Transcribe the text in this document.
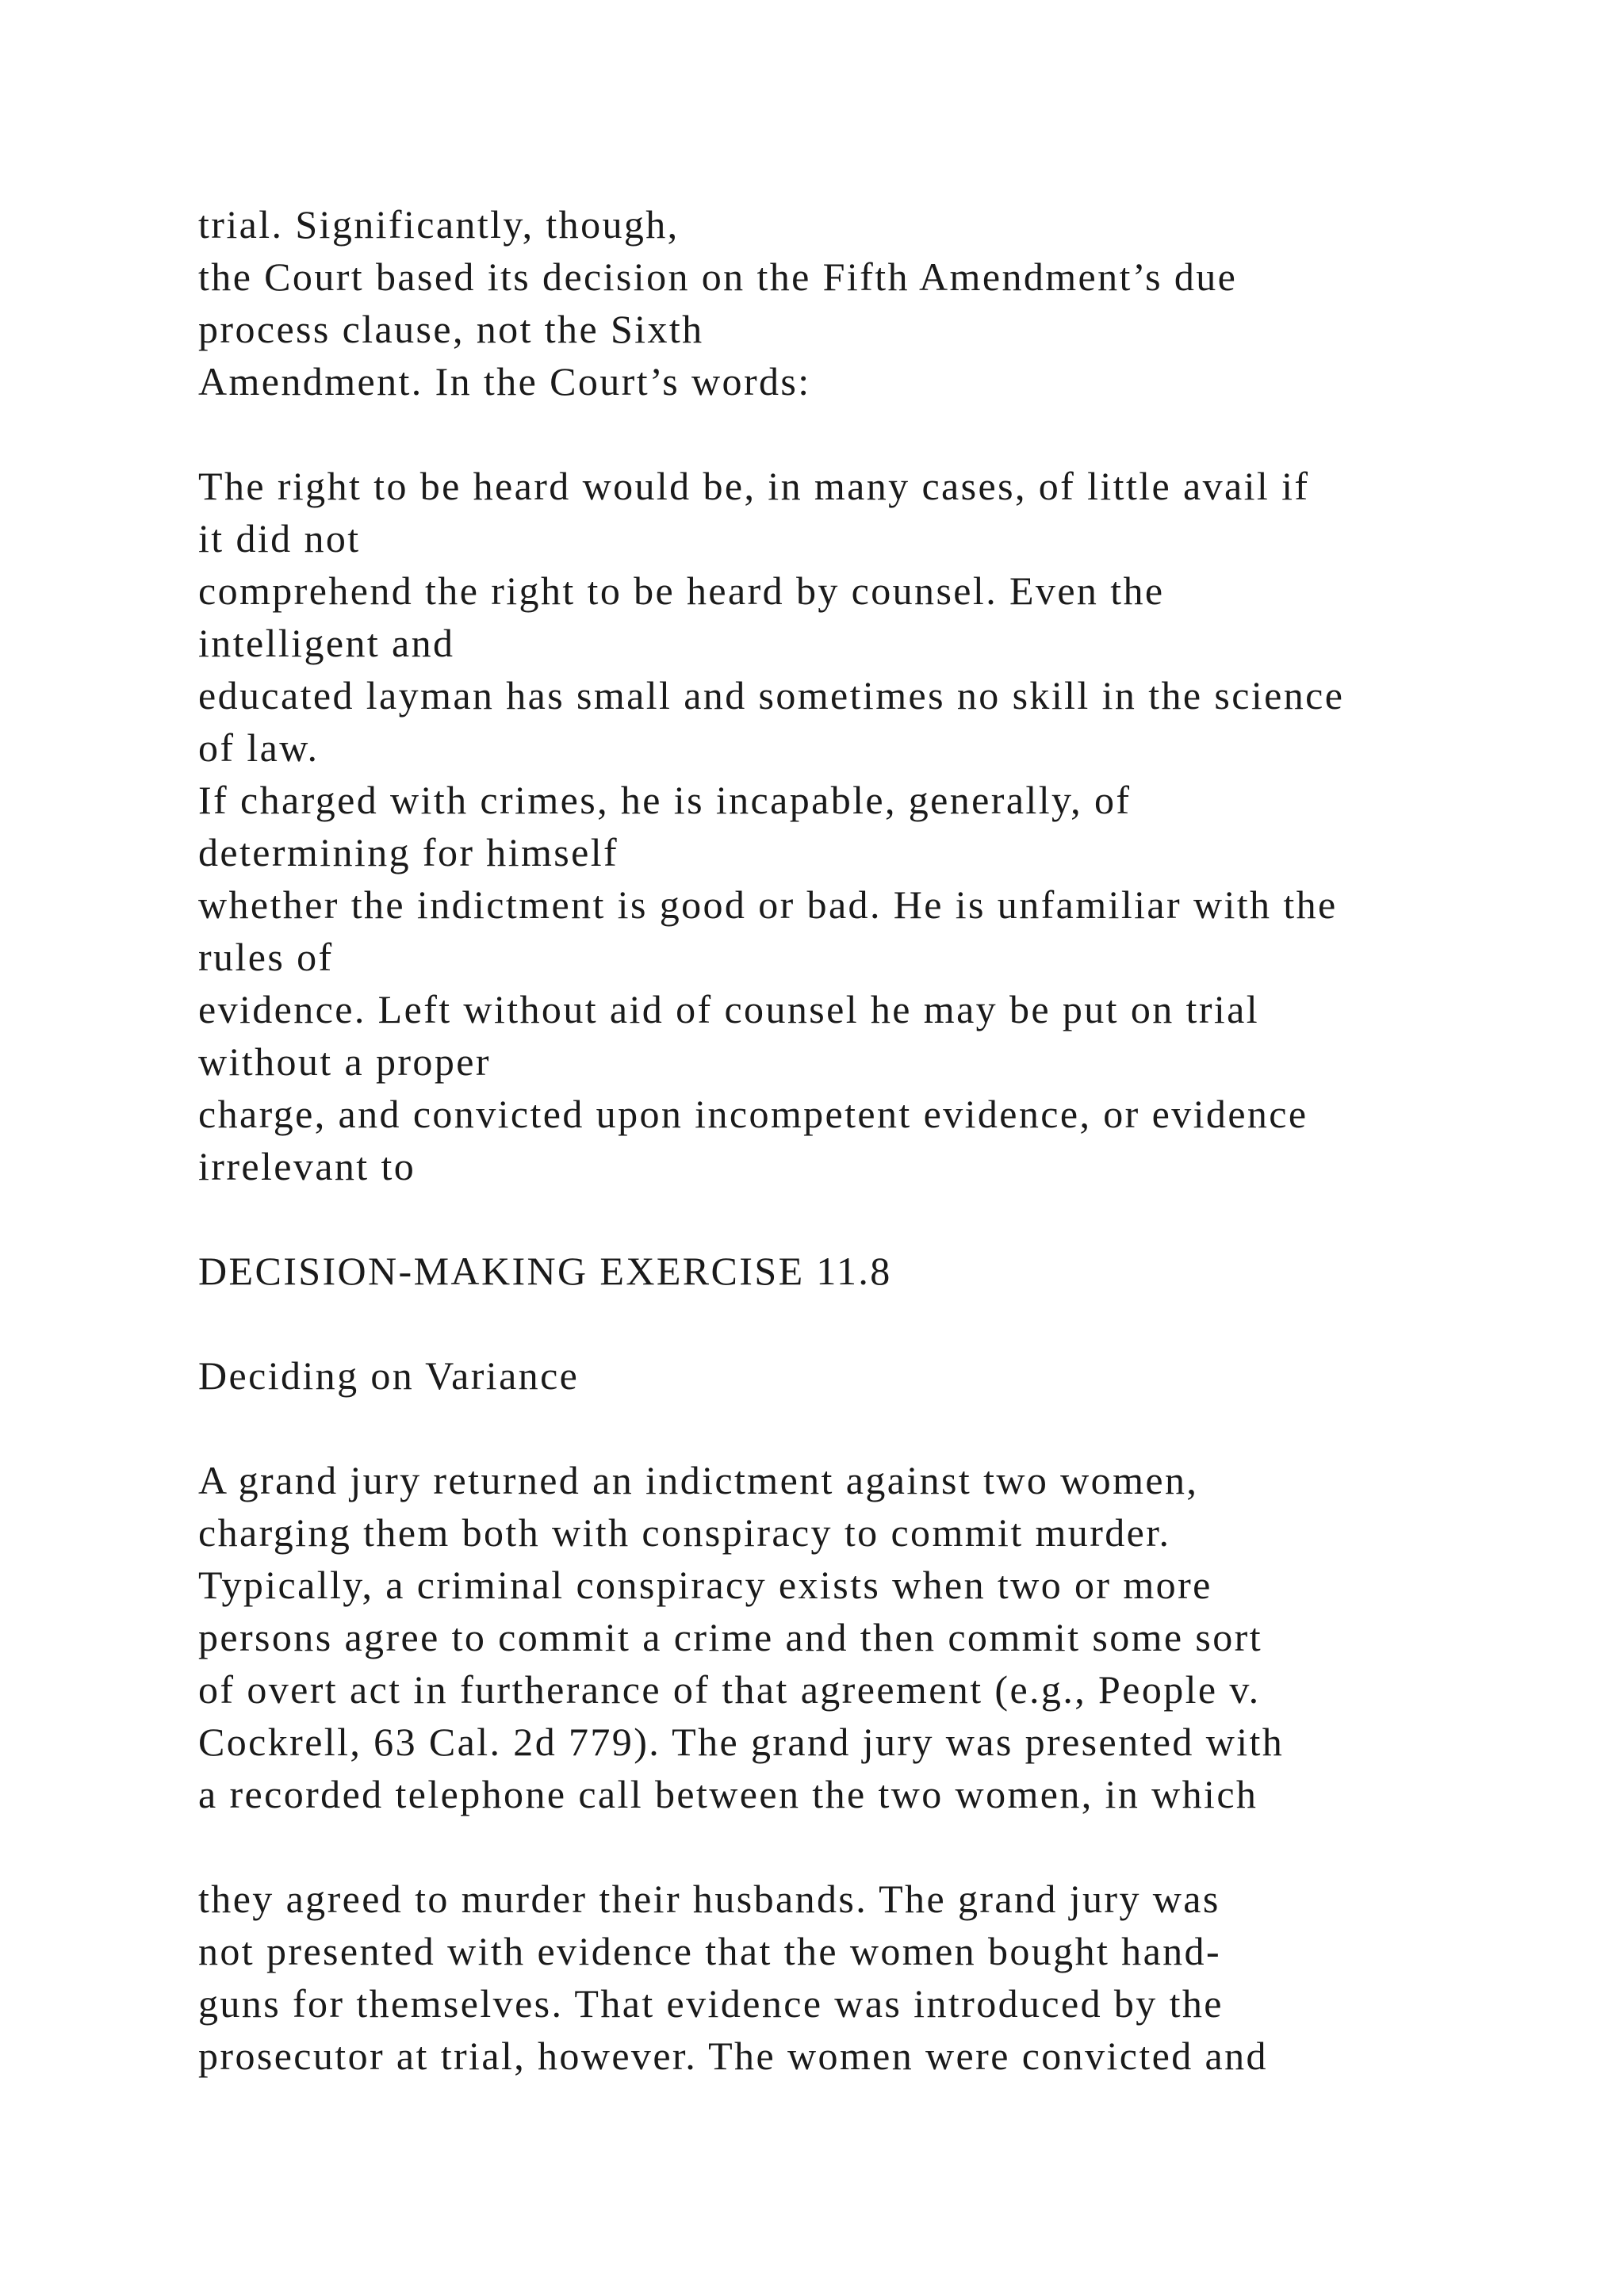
trial. Significantly, though,
the Court based its decision on the Fifth Amendment’s due
process clause, not the Sixth
Amendment. In the Court’s words:
The right to be heard would be, in many cases, of little avail if
it did not
comprehend the right to be heard by counsel. Even the
intelligent and
educated layman has small and sometimes no skill in the science
of law.
If charged with crimes, he is incapable, generally, of
determining for himself
whether the indictment is good or bad. He is unfamiliar with the
rules of
evidence. Left without aid of counsel he may be put on trial
without a proper
charge, and convicted upon incompetent evidence, or evidence
irrelevant to
DECISION-MAKING EXERCISE 11.8
Deciding on Variance
A grand jury returned an indictment against two women,
charging them both with conspiracy to commit murder.
Typically, a criminal conspiracy exists when two or more
persons agree to commit a crime and then commit some sort
of overt act in furtherance of that agreement (e.g., People v.
Cockrell, 63 Cal. 2d 779). The grand jury was presented with
a recorded telephone call between the two women, in which
they agreed to murder their husbands. The grand jury was
not presented with evidence that the women bought hand-
guns for themselves. That evidence was introduced by the
prosecutor at trial, however. The women were convicted and
